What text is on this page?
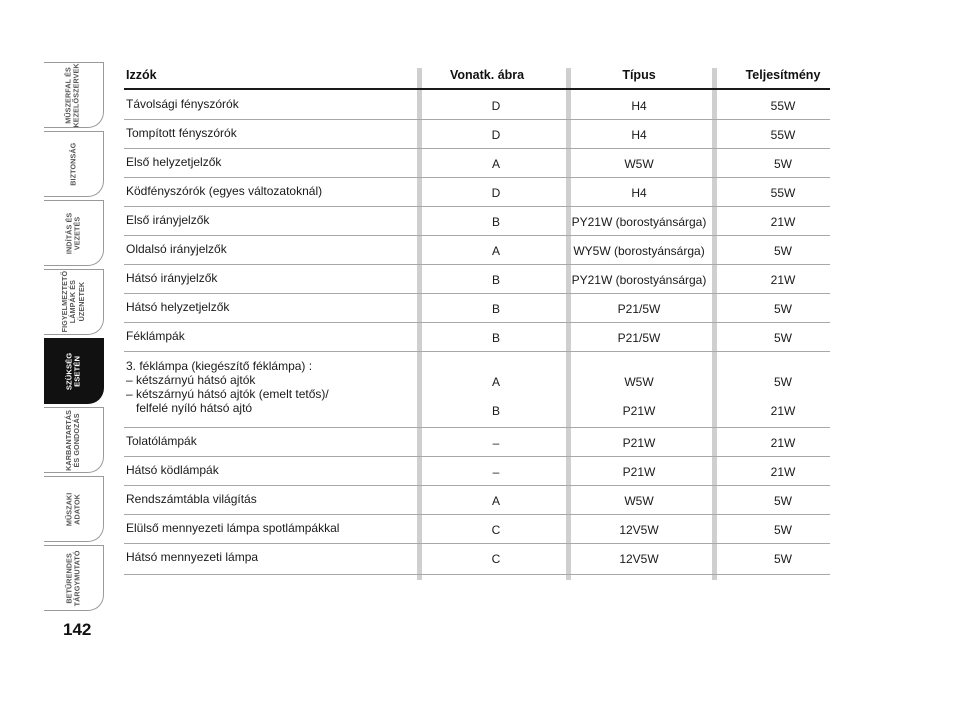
MŰSZERFAL ÉS
KEZELŐSZERVEK
BIZTONSÁG
INDÍTÁS ÉS
VEZETÉS
FIGYELMEZTETŐ
LÁMPÁK ÉS
ÜZENETEK
SZÜKSÉG
ESETÉN
KARBANTARTÁS
ÉS GONDOZÁS
MŰSZAKI
ADATOK
BETŰRENDES
TÁRGYMUTATÓ
142
Izzók	Vonatk. ábra	Típus	Teljesítmény
Távolsági fényszórók	D	H4	55W
Tompított fényszórók	D	H4	55W
Első helyzetjelzők	A	W5W	5W
Ködfényszórók (egyes változatoknál)	D	H4	55W
Első irányjelzők	B	PY21W (borostyánsárga)	21W
Oldalsó irányjelzők	A	WY5W (borostyánsárga)	5W
Hátsó irányjelzők	B	PY21W (borostyánsárga)	21W
Hátsó helyzetjelzők	B	P21/5W	5W
Féklámpák	B	P21/5W	5W
3. féklámpa (kiegészítő féklámpa) :
– kétszárnyú hátsó ajtók
– kétszárnyú hátsó ajtók (emelt tetős)/
felfelé nyíló hátsó ajtó
A	W5W	5W
B	P21W	21W
Tolatólámpák	–	P21W	21W
Hátsó ködlámpák	–	P21W	21W
Rendszámtábla világítás	A	W5W	5W
Elülső mennyezeti lámpa spotlámpákkal	C	12V5W	5W
Hátsó mennyezeti lámpa	C	12V5W	5W
